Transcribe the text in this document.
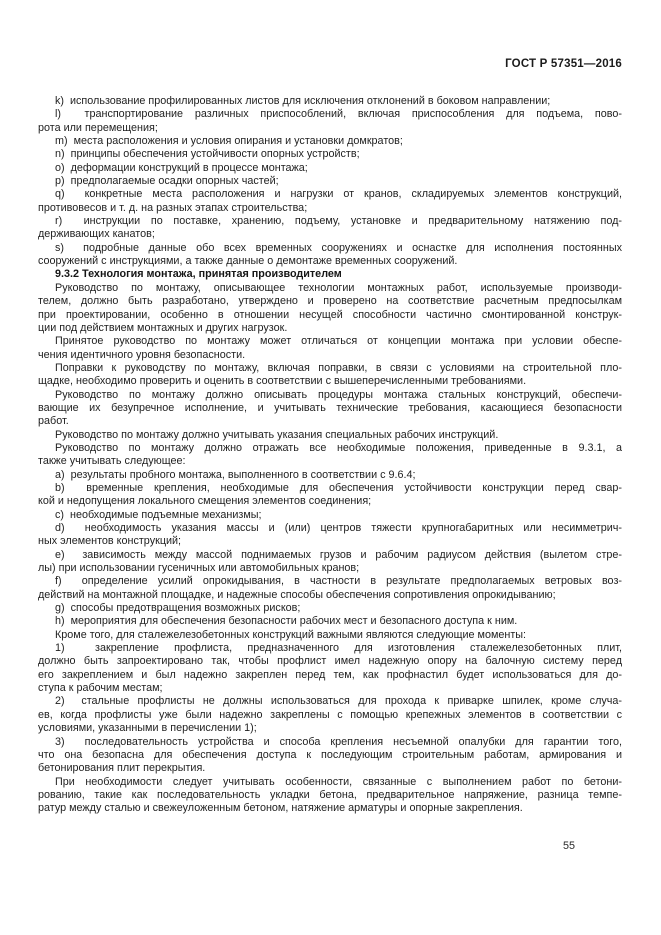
ГОСТ Р 57351—2016
k)  использование профилированных листов для исключения отклонений в боковом направлении;
l)  транспортирование различных приспособлений, включая приспособления для подъема, пово-
рота или перемещения;
m)  места расположения и условия опирания и установки домкратов;
n)  принципы обеспечения устойчивости опорных устройств;
o)  деформации конструкций в процессе монтажа;
p)  предполагаемые осадки опорных частей;
q)  конкретные места расположения и нагрузки от кранов, складируемых элементов конструкций,
противовесов и т. д. на разных этапах строительства;
r)  инструкции по поставке, хранению, подъему, установке и предварительному натяжению под-
держивающих канатов;
s)  подробные данные обо всех временных сооружениях и оснастке для исполнения постоянных
сооружений с инструкциями, а также данные о демонтаже временных сооружений.
9.3.2 Технология монтажа, принятая производителем
Руководство по монтажу, описывающее технологии монтажных работ, используемые производи-
телем, должно быть разработано, утверждено и проверено на соответствие расчетным предпосылкам
при проектировании, особенно в отношении несущей способности частично смонтированной конструк-
ции под действием монтажных и других нагрузок.
Принятое руководство по монтажу может отличаться от концепции монтажа при условии обеспе-
чения идентичного уровня безопасности.
Поправки к руководству по монтажу, включая поправки, в связи с условиями на строительной пло-
щадке, необходимо проверить и оценить в соответствии с вышеперечисленными требованиями.
Руководство по монтажу должно описывать процедуры монтажа стальных конструкций, обеспечи-
вающие их безупречное исполнение, и учитывать технические требования, касающиеся безопасности
работ.
Руководство по монтажу должно учитывать указания специальных рабочих инструкций.
Руководство по монтажу должно отражать все необходимые положения, приведенные в 9.3.1, а
также учитывать следующее:
a)  результаты пробного монтажа, выполненного в соответствии с 9.6.4;
b)  временные крепления, необходимые для обеспечения устойчивости конструкции перед свар-
кой и недопущения локального смещения элементов соединения;
c)  необходимые подъемные механизмы;
d)  необходимость указания массы и (или) центров тяжести крупногабаритных или несимметрич-
ных элементов конструкций;
e)  зависимость между массой поднимаемых грузов и рабочим радиусом действия (вылетом стре-
лы) при использовании гусеничных или автомобильных кранов;
f)  определение усилий опрокидывания, в частности в результате предполагаемых ветровых воз-
действий на монтажной площадке, и надежные способы обеспечения сопротивления опрокидыванию;
g)  способы предотвращения возможных рисков;
h)  мероприятия для обеспечения безопасности рабочих мест и безопасного доступа к ним.
Кроме того, для сталежелезобетонных конструкций важными являются следующие моменты:
1)  закрепление профлиста, предназначенного для изготовления сталежелезобетонных плит,
должно быть запроектировано так, чтобы профлист имел надежную опору на балочную систему перед
его закреплением и был надежно закреплен перед тем, как профнастил будет использоваться для до-
ступа к рабочим местам;
2)  стальные профлисты не должны использоваться для прохода к приварке шпилек, кроме случа-
ев, когда профлисты уже были надежно закреплены с помощью крепежных элементов в соответствии с
условиями, указанными в перечислении 1);
3)  последовательность устройства и способа крепления несъемной опалубки для гарантии того,
что она безопасна для обеспечения доступа к последующим строительным работам, армирования и
бетонирования плит перекрытия.
При необходимости следует учитывать особенности, связанные с выполнением работ по бетони-
рованию, такие как последовательность укладки бетона, предварительное напряжение, разница темпе-
ратур между сталью и свежеуложенным бетоном, натяжение арматуры и опорные закрепления.
55
